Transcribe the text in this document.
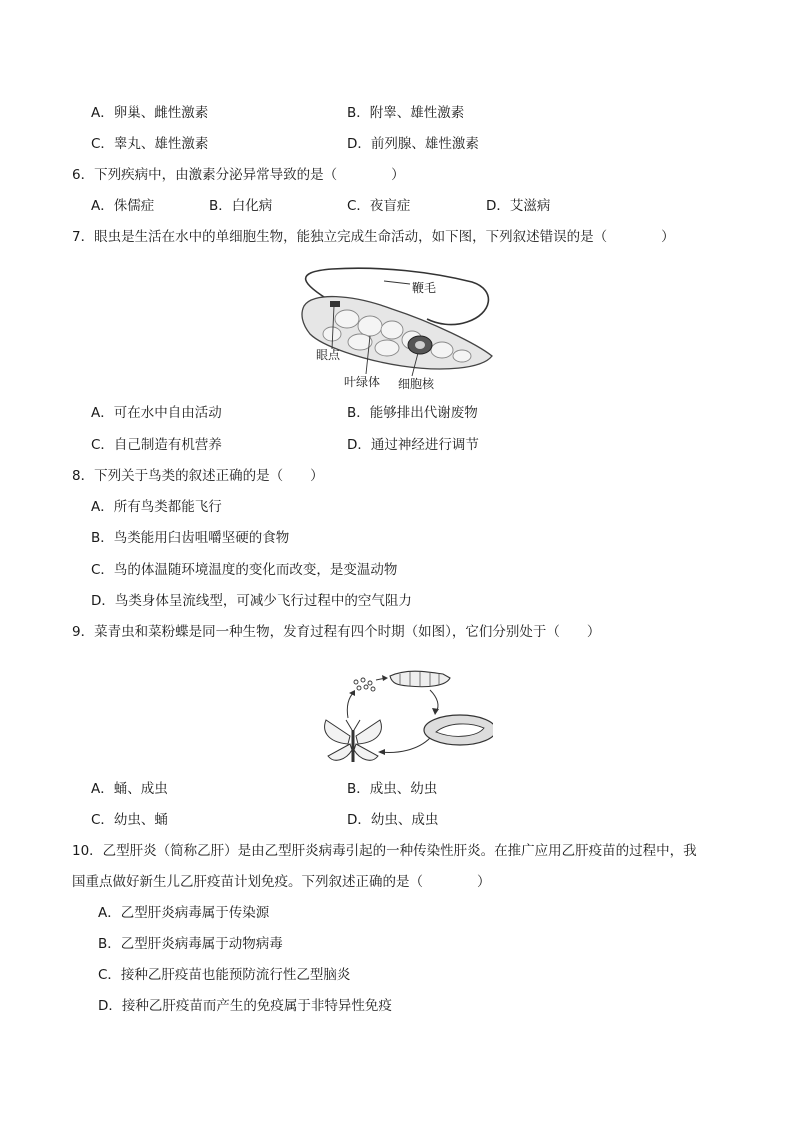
A．卵巢、雌性激素	B．附睾、雄性激素
C．睾丸、雄性激素	D．前列腺、雄性激素
6．下列疾病中，由激素分泌异常导致的是（　　　　）
A．侏儒症	B．白化病	C．夜盲症	D．艾滋病
7．眼虫是生活在水中的单细胞生物，能独立完成生命活动，如下图，下列叙述错误的是（　　　　）
鞭毛
眼点
叶绿体 细胞核
A．可在水中自由活动	B．能够排出代谢废物
C．自己制造有机营养	D．通过神经进行调节
8．下列关于鸟类的叙述正确的是（　　）
A．所有鸟类都能飞行
B．鸟类能用臼齿咀嚼坚硬的食物
C．鸟的体温随环境温度的变化而改变，是变温动物
D．鸟类身体呈流线型，可减少飞行过程中的空气阻力
9．菜青虫和菜粉蝶是同一种生物，发育过程有四个时期（如图），它们分别处于（　　）
A．蛹、成虫	B．成虫、幼虫
C．幼虫、蛹	D．幼虫、成虫
10．乙型肝炎（简称乙肝）是由乙型肝炎病毒引起的一种传染性肝炎。在推广应用乙肝疫苗的过程中，我
国重点做好新生儿乙肝疫苗计划免疫。下列叙述正确的是（　　　　）
A．乙型肝炎病毒属于传染源
B．乙型肝炎病毒属于动物病毒
C．接种乙肝疫苗也能预防流行性乙型脑炎
D．接种乙肝疫苗而产生的免疫属于非特异性免疫
